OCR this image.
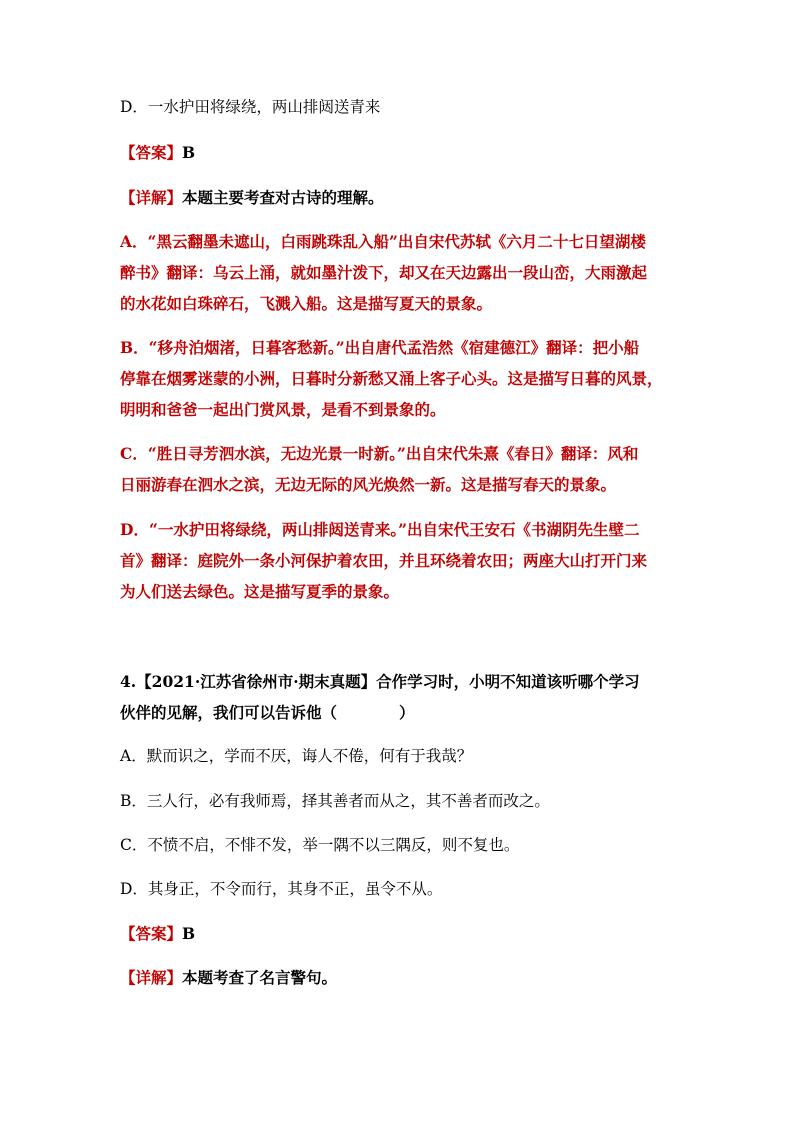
D．一水护田将绿绕，两山排闼送青来

【答案】B

【详解】本题主要考查对古诗的理解。

A．“黑云翻墨未遮山，白雨跳珠乱入船”出自宋代苏轼《六月二十七日望湖楼

醉书》翻译：乌云上涌，就如墨汁泼下，却又在天边露出一段山峦，大雨激起

的水花如白珠碎石，飞溅入船。这是描写夏天的景象。

B．“移舟泊烟渚，日暮客愁新。”出自唐代孟浩然《宿建德江》翻译：把小船

停靠在烟雾迷蒙的小洲，日暮时分新愁又涌上客子心头。这是描写日暮的风景，

明明和爸爸一起出门赏风景，是看不到景象的。

C．“胜日寻芳泗水滨，无边光景一时新。”出自宋代朱熹《春日》翻译：风和

日丽游春在泗水之滨，无边无际的风光焕然一新。这是描写春天的景象。

D．“一水护田将绿绕，两山排闼送青来。”出自宋代王安石《书湖阴先生壁二

首》翻译：庭院外一条小河保护着农田，并且环绕着农田；两座大山打开门来

为人们送去绿色。这是描写夏季的景象。

4.【2021·江苏省徐州市·期末真题】合作学习时，小明不知道该听哪个学习

伙伴的见解，我们可以告诉他（　　　　）

A．默而识之，学而不厌，诲人不倦，何有于我哉？

B．三人行，必有我师焉，择其善者而从之，其不善者而改之。

C．不愤不启，不悱不发，举一隅不以三隅反，则不复也。

D．其身正，不令而行，其身不正，虽令不从。

【答案】B

【详解】本题考查了名言警句。
